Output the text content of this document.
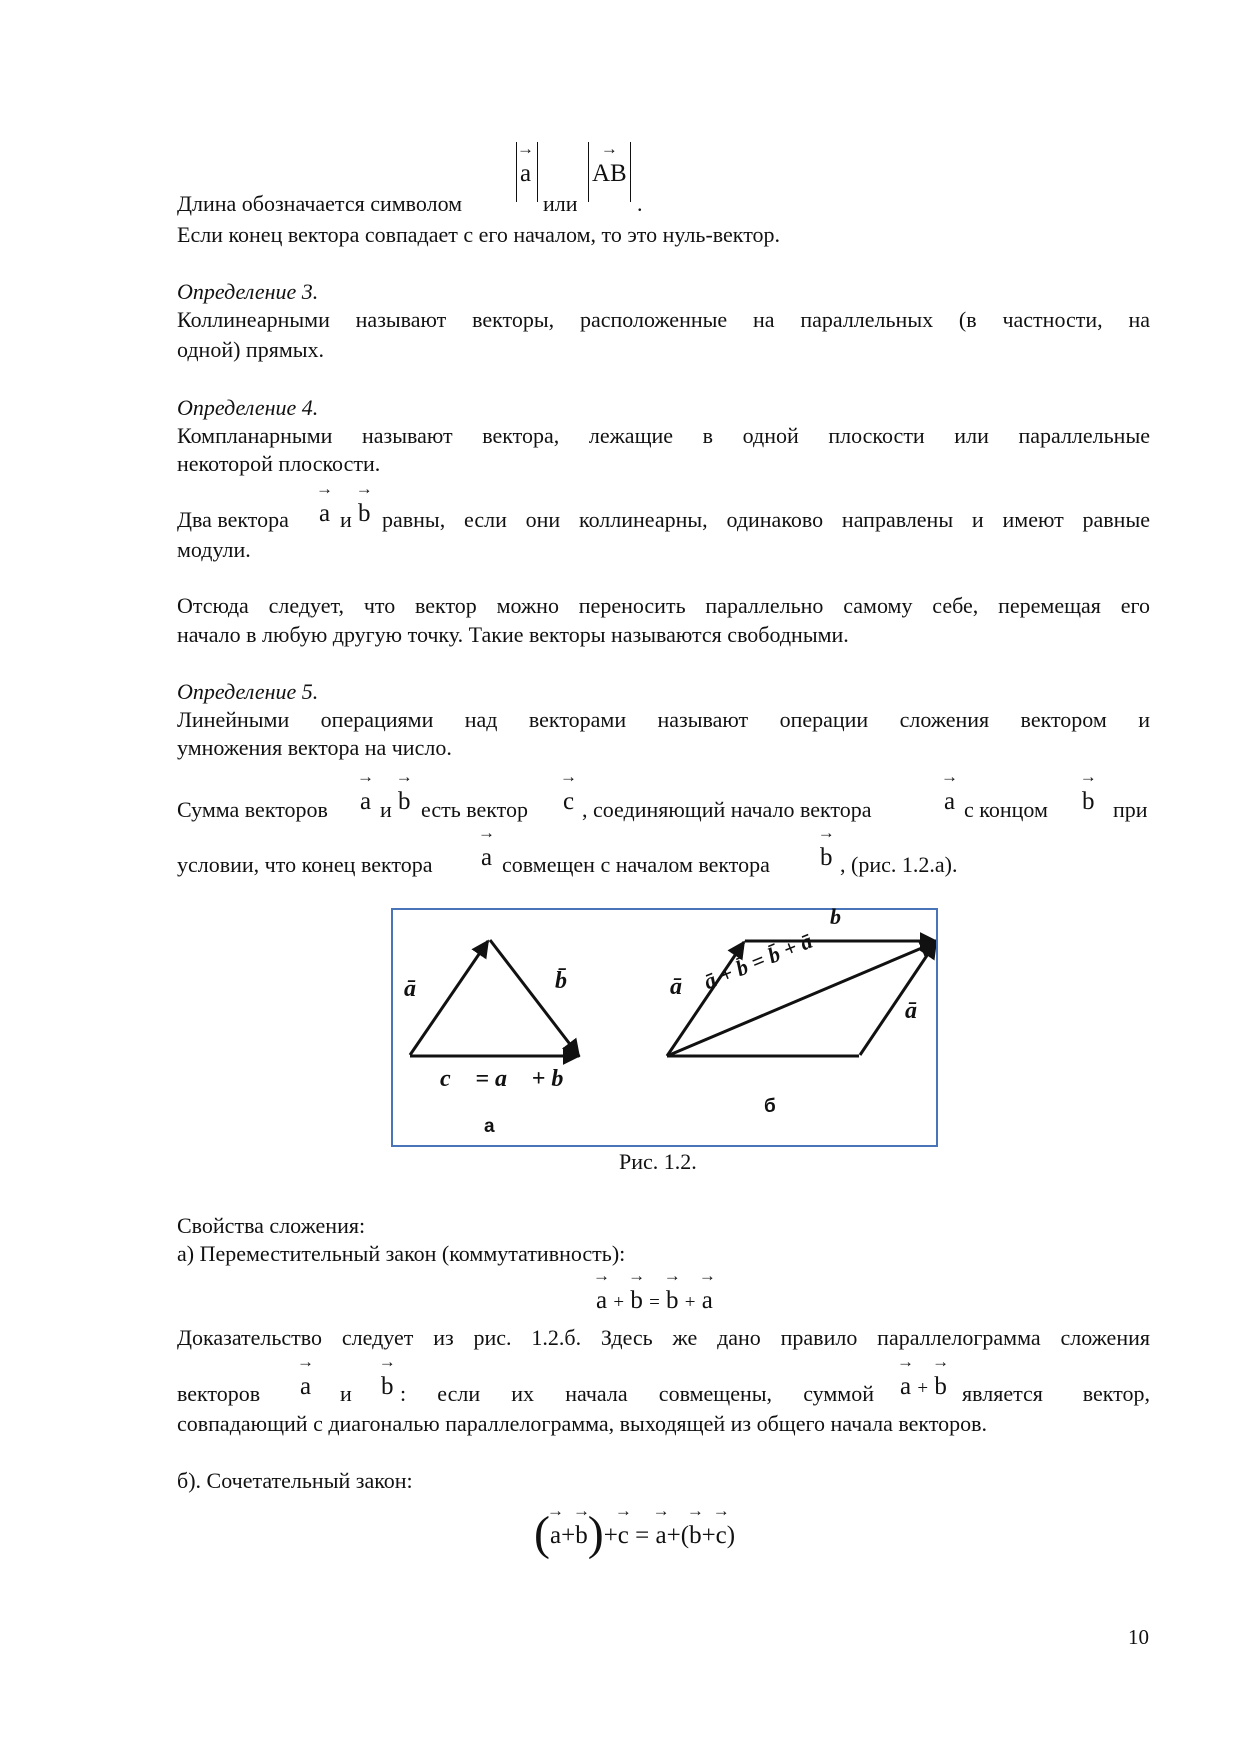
Длина обозначается символом
→
a
или
→
AB
.
Если конец вектора совпадает с его началом, то это нуль-вектор.
Определение 3.
Коллинеарными называют векторы, расположенные на параллельных (в частности, на
одной) прямых.
Определение 4.
Компланарными называют вектора, лежащие в одной плоскости или параллельные
некоторой плоскости.
Два вектора
→
a и
→
b равны, если они коллинеарны, одинаково направлены и имеют равные
модули.
Отсюда следует, что вектор можно переносить параллельно самому себе, перемещая его
начало в любую другую точку. Такие векторы называются свободными.
Определение 5.
Линейными операциями над векторами называют операции сложения вектором и
умножения вектора на число.
Сумма векторов
→
a и
→
b есть вектор
→
c , соединяющий начало вектора
→
a с концом
→
b при
условии, что конец вектора
→
a совмещен с началом вектора
→
b , (рис. 1.2.а).
ā	b̄
c⃗ = a⃗ + b⃗
ā
b
ā
ā + b̄ = b̄ + ā
а
б
Рис. 1.2.
Свойства сложения:
а) Переместительный закон (коммутативность):
→
a +
→
b =
→
b +
→
a
Доказательство следует из рис. 1.2.б. Здесь же дано правило параллелограмма сложения
векторов
→
a и
→
b : если их начала совмещены, суммой
→
a +
→
b является вектор,
совпадающий с диагональю параллелограмма, выходящей из общего начала векторов.
б). Сочетательный закон:
(
→
a+
→
b)+
→
c =
→
a+(
→
b+
→
c)
10
